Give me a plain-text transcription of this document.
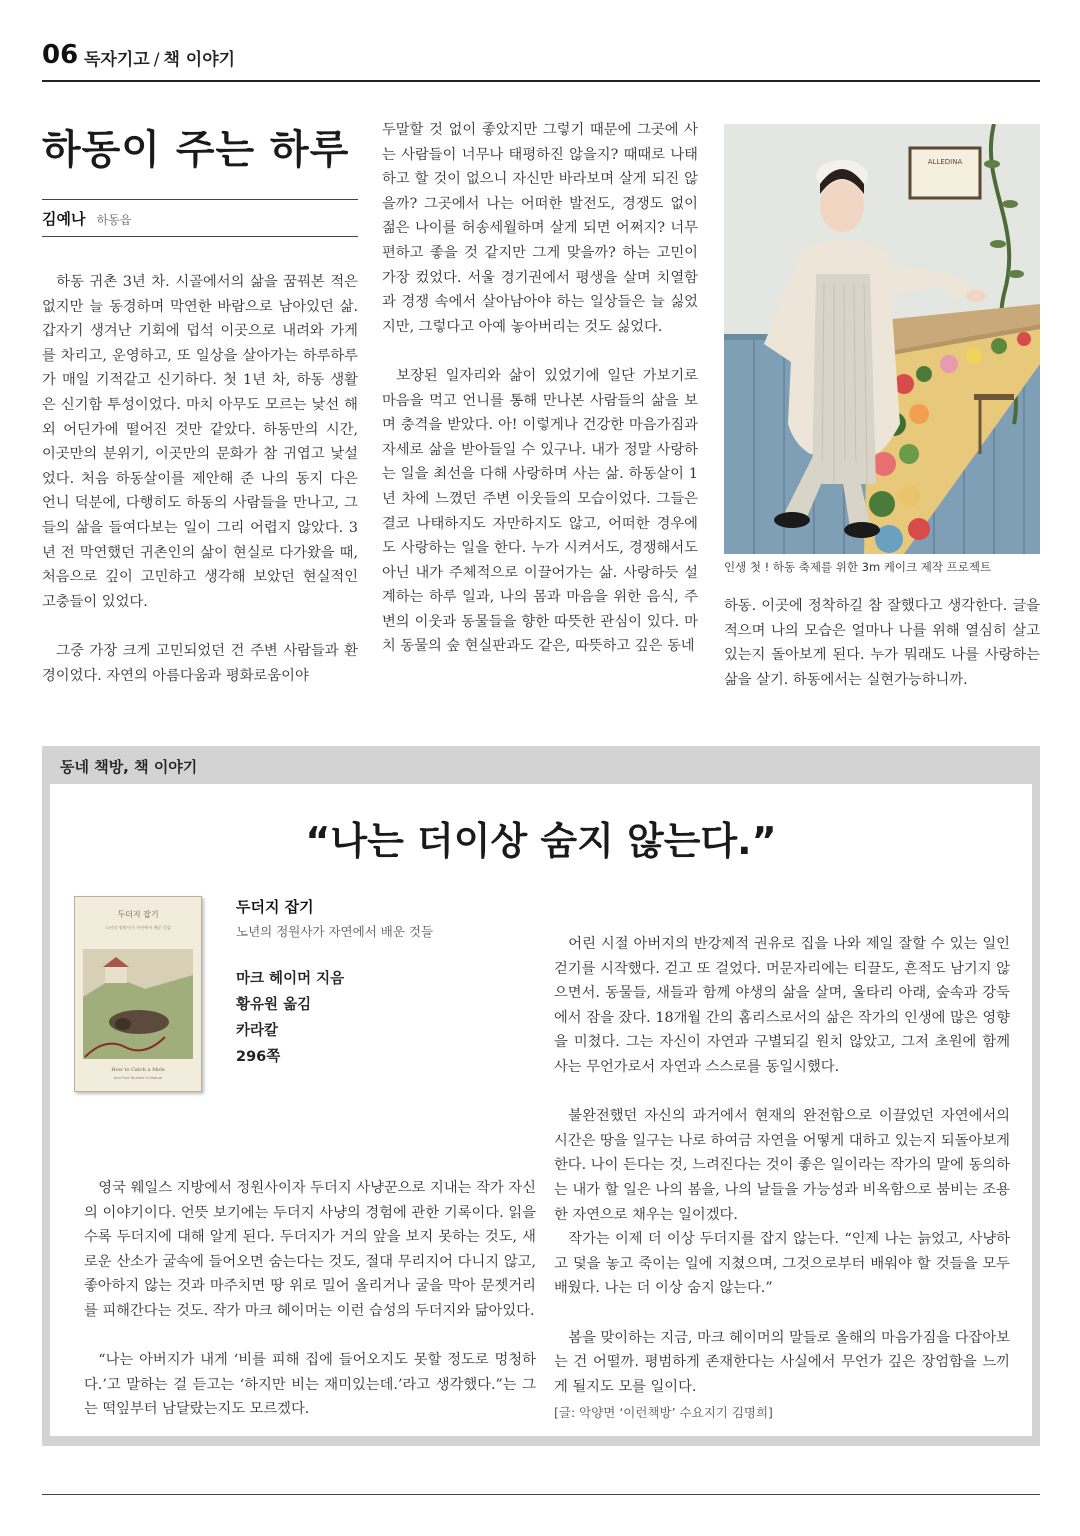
06 독자기고 / 책 이야기
하동이 주는 하루
김예나 하동읍

하동 귀촌 3년 차. 시골에서의 삶을 꿈꿔본 적은 없지만 늘 동경하며 막연한 바람으로 남아있던 삶. 갑자기 생겨난 기회에 덥석 이곳으로 내려와 가게를 차리고, 운영하고, 또 일상을 살아가는 하루하루가 매일 기적같고 신기하다. 첫 1년 차, 하동 생활은 신기함 투성이었다. 마치 아무도 모르는 낯선 해외 어딘가에 떨어진 것만 같았다. 하동만의 시간, 이곳만의 분위기, 이곳만의 문화가 참 귀엽고 낯설었다. 처음 하동살이를 제안해 준 나의 동지 다은 언니 덕분에, 다행히도 하동의 사람들을 만나고, 그들의 삶을 들여다보는 일이 그리 어렵지 않았다. 3년 전 막연했던 귀촌인의 삶이 현실로 다가왔을 때, 처음으로 깊이 고민하고 생각해 보았던 현실적인 고충들이 있었다.

그중 가장 크게 고민되었던 건 주변 사람들과 환경이었다. 자연의 아름다움과 평화로움이야

두말할 것 없이 좋았지만 그렇기 때문에 그곳에 사는 사람들이 너무나 태평하진 않을지? 때때로 나태하고 할 것이 없으니 자신만 바라보며 살게 되진 않을까? 그곳에서 나는 어떠한 발전도, 경쟁도 없이 젊은 나이를 허송세월하며 살게 되면 어쩌지? 너무 편하고 좋을 것 같지만 그게 맞을까? 하는 고민이 가장 컸었다. 서울 경기권에서 평생을 살며 치열함과 경쟁 속에서 살아남아야 하는 일상들은 늘 싫었지만, 그렇다고 아예 놓아버리는 것도 싫었다.

보장된 일자리와 삶이 있었기에 일단 가보기로 마음을 먹고 언니를 통해 만나본 사람들의 삶을 보며 충격을 받았다. 아! 이렇게나 건강한 마음가짐과 자세로 삶을 받아들일 수 있구나. 내가 정말 사랑하는 일을 최선을 다해 사랑하며 사는 삶. 하동살이 1년 차에 느꼈던 주변 이웃들의 모습이었다. 그들은 결코 나태하지도 자만하지도 않고, 어떠한 경우에도 사랑하는 일을 한다. 누가 시켜서도, 경쟁해서도 아닌 내가 주체적으로 이끌어가는 삶. 사랑하듯 설계하는 하루 일과, 나의 몸과 마음을 위한 음식, 주변의 이웃과 동물들을 향한 따뜻한 관심이 있다. 마치 동물의 숲 현실판과도 같은, 따뜻하고 깊은 동네

ALLEDINA
인생 첫 ! 하동 축제를 위한 3m 케이크 제작 프로젝트

하동. 이곳에 정착하길 참 잘했다고 생각한다. 글을 적으며 나의 모습은 얼마나 나를 위해 열심히 살고 있는지 돌아보게 된다. 누가 뭐래도 나를 사랑하는 삶을 살기. 하동에서는 실현가능하니까.

동네 책방, 책 이야기
“나는 더이상 숨지 않는다.”
두더지 잡기
노년의 정원사가 자연에서 배운 것들
How to Catch a Mole
And Find Yourself in Nature
두더지 잡기
노년의 정원사가 자연에서 배운 것들
마크 헤이머 지음
황유원 옮김
카라칼
296쪽

영국 웨일스 지방에서 정원사이자 두더지 사냥꾼으로 지내는 작가 자신의 이야기이다. 언뜻 보기에는 두더지 사냥의 경험에 관한 기록이다. 읽을수록 두더지에 대해 알게 된다. 두더지가 거의 앞을 보지 못하는 것도, 새로운 산소가 굴속에 들어오면 숨는다는 것도, 절대 무리지어 다니지 않고, 좋아하지 않는 것과 마주치면 땅 위로 밀어 올리거나 굴을 막아 문젯거리를 피해간다는 것도. 작가 마크 헤이머는 이런 습성의 두더지와 닮아있다.

“나는 아버지가 내게 ‘비를 피해 집에 들어오지도 못할 정도로 멍청하다.’고 말하는 걸 듣고는 ‘하지만 비는 재미있는데.’라고 생각했다.”는 그는 떡잎부터 남달랐는지도 모르겠다.

어린 시절 아버지의 반강제적 권유로 집을 나와 제일 잘할 수 있는 일인 걷기를 시작했다. 걷고 또 걸었다. 머문자리에는 티끌도, 흔적도 남기지 않으면서. 동물들, 새들과 함께 야생의 삶을 살며, 울타리 아래, 숲속과 강둑에서 잠을 잤다. 18개월 간의 홈리스로서의 삶은 작가의 인생에 많은 영향을 미쳤다. 그는 자신이 자연과 구별되길 원치 않았고, 그저 초원에 함께 사는 무언가로서 자연과 스스로를 동일시했다.

불완전했던 자신의 과거에서 현재의 완전함으로 이끌었던 자연에서의 시간은 땅을 일구는 나로 하여금 자연을 어떻게 대하고 있는지 되돌아보게 한다. 나이 든다는 것, 느려진다는 것이 좋은 일이라는 작가의 말에 동의하는 내가 할 일은 나의 봄을, 나의 날들을 가능성과 비옥함으로 붐비는 조용한 자연으로 채우는 일이겠다.

작가는 이제 더 이상 두더지를 잡지 않는다. “인제 나는 늙었고, 사냥하고 덫을 놓고 죽이는 일에 지쳤으며, 그것으로부터 배워야 할 것들을 모두 배웠다. 나는 더 이상 숨지 않는다.”

봄을 맞이하는 지금, 마크 헤이머의 말들로 올해의 마음가짐을 다잡아보는 건 어떨까. 평범하게 존재한다는 사실에서 무언가 깊은 장엄함을 느끼게 될지도 모를 일이다.

[글: 악양면 ‘이런책방’ 수요지기 김명희]
